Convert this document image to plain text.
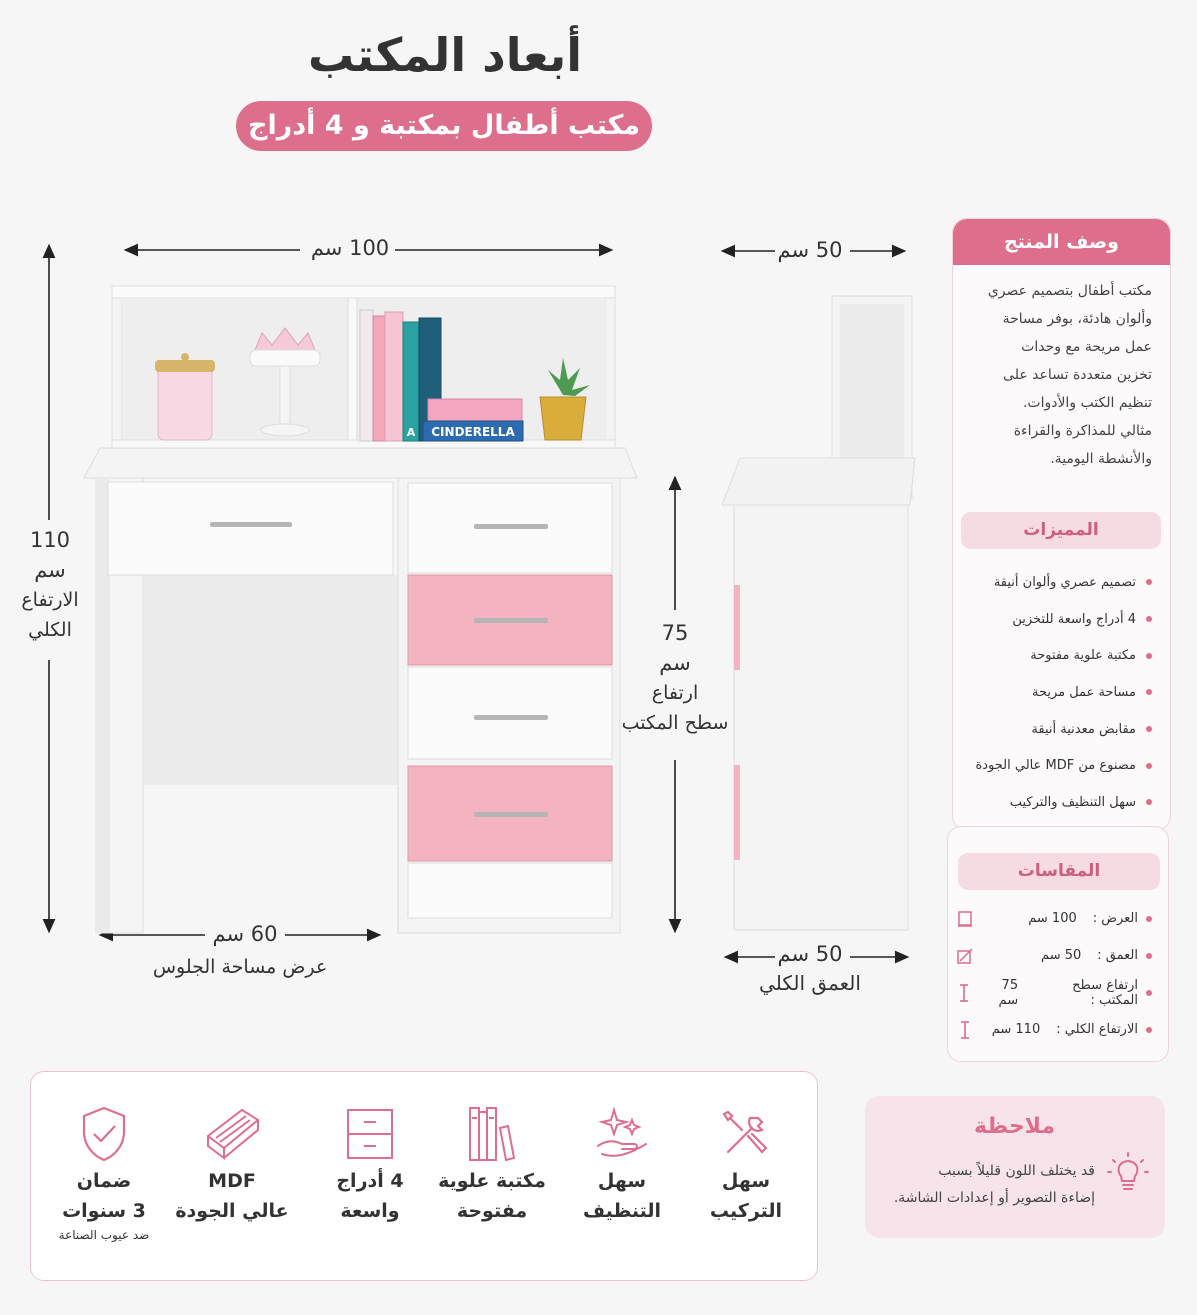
أبعاد المكتب
مكتب أطفال بمكتبة و 4 أدراج
A CINDERELLA
100 سم	50 سم
110
سم
الارتفاع
الكلي	75
سم
ارتفاع
سطح المكتب
60 سم
عرض مساحة الجلوس
50 سم
العمق الكلي
وصف المنتج
مكتب أطفال بتصميم عصري
وألوان هادئة، بوفر مساحة
عمل مريحة مع وحدات
تخزين متعددة تساعد على
تنظيم الكتب والأدوات.
مثالي للمذاكرة والقراءة
والأنشطة اليومية.
المميزات
تصميم عصري وألوان أنيقة
4 أدراج واسعة للتخزين
مكتبة علوية مفتوحة
مساحة عمل مريحة
مقابض معدنية أنيقة
مصنوع من MDF عالي الجودة
سهل التنظيف والتركيب
المقاسات
العرض :
100 سم
العمق :
50 سم
ارتفاع سطح المكتب :
75 سم
الارتفاع الكلي :
110 سم
سهل
التركيب
سهل
التنظيف
مكتبة علوية
مفتوحة
4 أدراج
واسعة
MDF
عالي الجودة
ضمان
3 سنوات
ضد عيوب الصناعة
ملاحظة
قد يختلف اللون قليلاً بسبب
إضاءة التصوير أو إعدادات الشاشة.
